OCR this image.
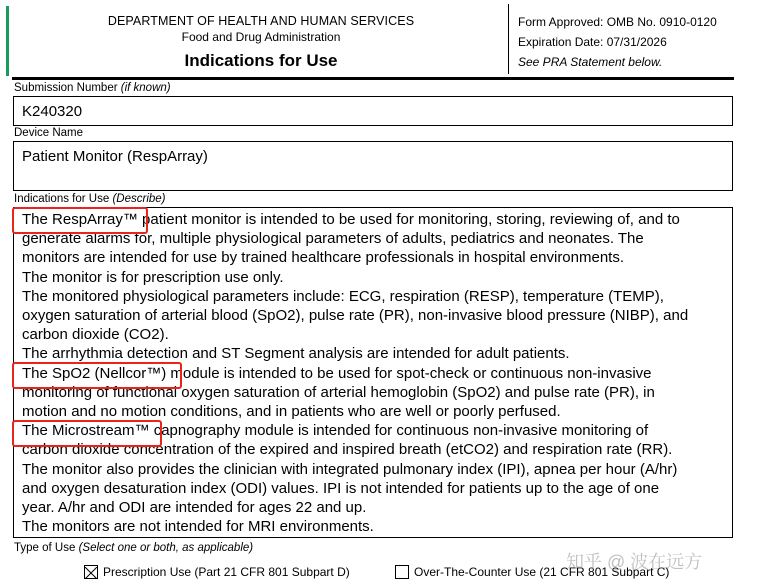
DEPARTMENT OF HEALTH AND HUMAN SERVICES
Food and Drug Administration
Indications for Use
Form Approved: OMB No. 0910-0120
Expiration Date: 07/31/2026
See PRA Statement below.
Submission Number (if known)
K240320
Device Name
Patient Monitor (RespArray)
Indications for Use (Describe)
The RespArray™ patient monitor is intended to be used for monitoring, storing, reviewing of, and to
generate alarms for, multiple physiological parameters of adults, pediatrics and neonates. The
monitors are intended for use by trained healthcare professionals in hospital environments.
The monitor is for prescription use only.
The monitored physiological parameters include: ECG, respiration (RESP), temperature (TEMP),
oxygen saturation of arterial blood (SpO2), pulse rate (PR), non-invasive blood pressure (NIBP), and
carbon dioxide (CO2).
The arrhythmia detection and ST Segment analysis are intended for adult patients.
The SpO2 (Nellcor™) module is intended to be used for spot-check or continuous non-invasive
monitoring of functional oxygen saturation of arterial hemoglobin (SpO2) and pulse rate (PR), in
motion and no motion conditions, and in patients who are well or poorly perfused.
The Microstream™ capnography module is intended for continuous non-invasive monitoring of
carbon dioxide concentration of the expired and inspired breath (etCO2) and respiration rate (RR).
The monitor also provides the clinician with integrated pulmonary index (IPI), apnea per hour (A/hr)
and oxygen desaturation index (ODI) values. IPI is not intended for patients up to the age of one
year. A/hr and ODI are intended for ages 22 and up.
The monitors are not intended for MRI environments.
Type of Use (Select one or both, as applicable)
Prescription Use (Part 21 CFR 801 Subpart D)	Over-The-Counter Use (21 CFR 801 Subpart C)
知乎 @ 波在远方
